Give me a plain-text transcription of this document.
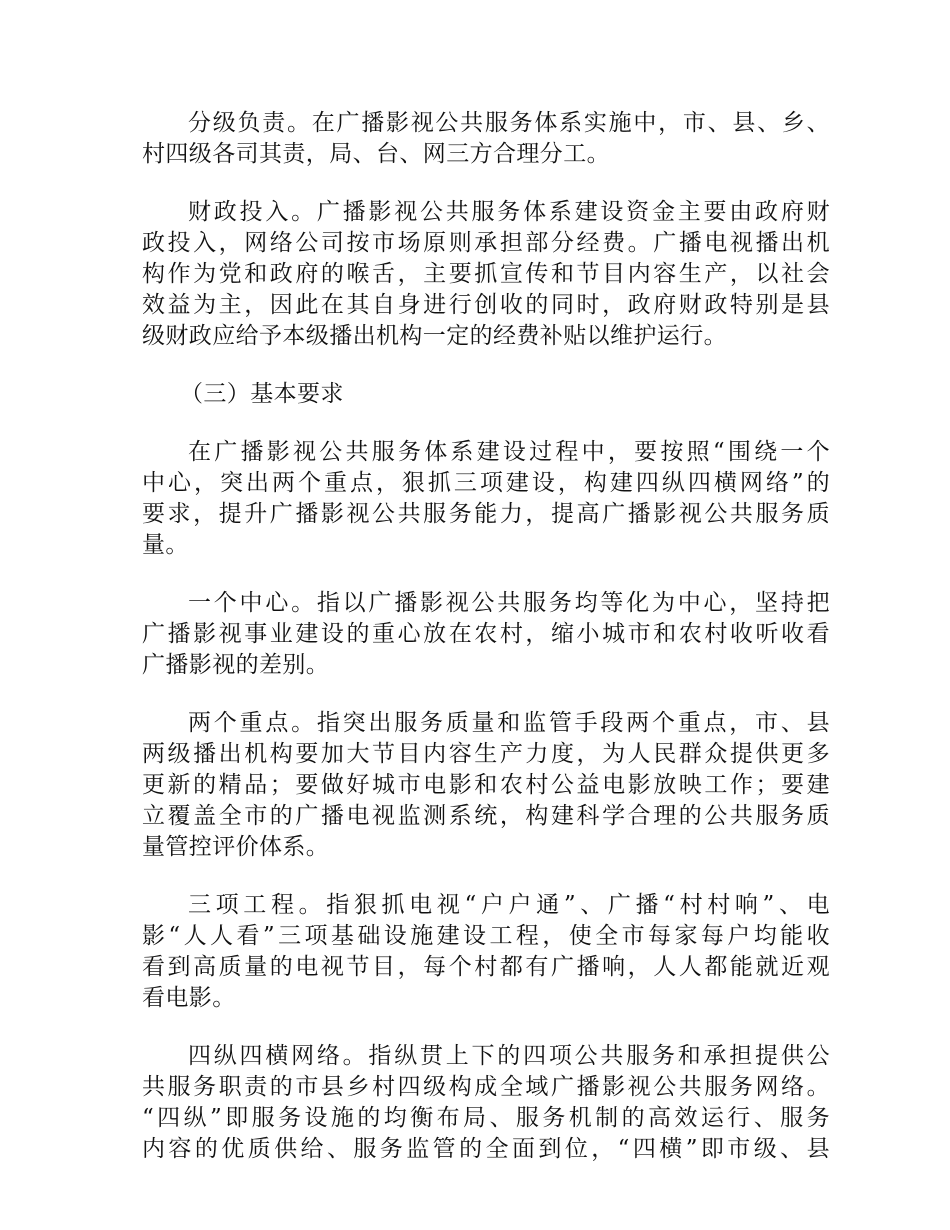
分级负责。在广播影视公共服务体系实施中，市、县、乡、
村四级各司其责，局、台、网三方合理分工。
财政投入。广播影视公共服务体系建设资金主要由政府财
政投入，网络公司按市场原则承担部分经费。广播电视播出机
构作为党和政府的喉舌，主要抓宣传和节目内容生产，以社会
效益为主，因此在其自身进行创收的同时，政府财政特别是县
级财政应给予本级播出机构一定的经费补贴以维护运行。
（三）基本要求
在广播影视公共服务体系建设过程中，要按照“围绕一个
中心，突出两个重点，狠抓三项建设，构建四纵四横网络”的
要求，提升广播影视公共服务能力，提高广播影视公共服务质
量。
一个中心。指以广播影视公共服务均等化为中心，坚持把
广播影视事业建设的重心放在农村，缩小城市和农村收听收看
广播影视的差别。
两个重点。指突出服务质量和监管手段两个重点，市、县
两级播出机构要加大节目内容生产力度，为人民群众提供更多
更新的精品；要做好城市电影和农村公益电影放映工作；要建
立覆盖全市的广播电视监测系统，构建科学合理的公共服务质
量管控评价体系。
三项工程。指狠抓电视“户户通”、广播“村村响”、电
影“人人看”三项基础设施建设工程，使全市每家每户均能收
看到高质量的电视节目，每个村都有广播响，人人都能就近观
看电影。
四纵四横网络。指纵贯上下的四项公共服务和承担提供公
共服务职责的市县乡村四级构成全域广播影视公共服务网络。
“四纵”即服务设施的均衡布局、服务机制的高效运行、服务
内容的优质供给、服务监管的全面到位，“四横”即市级、县
